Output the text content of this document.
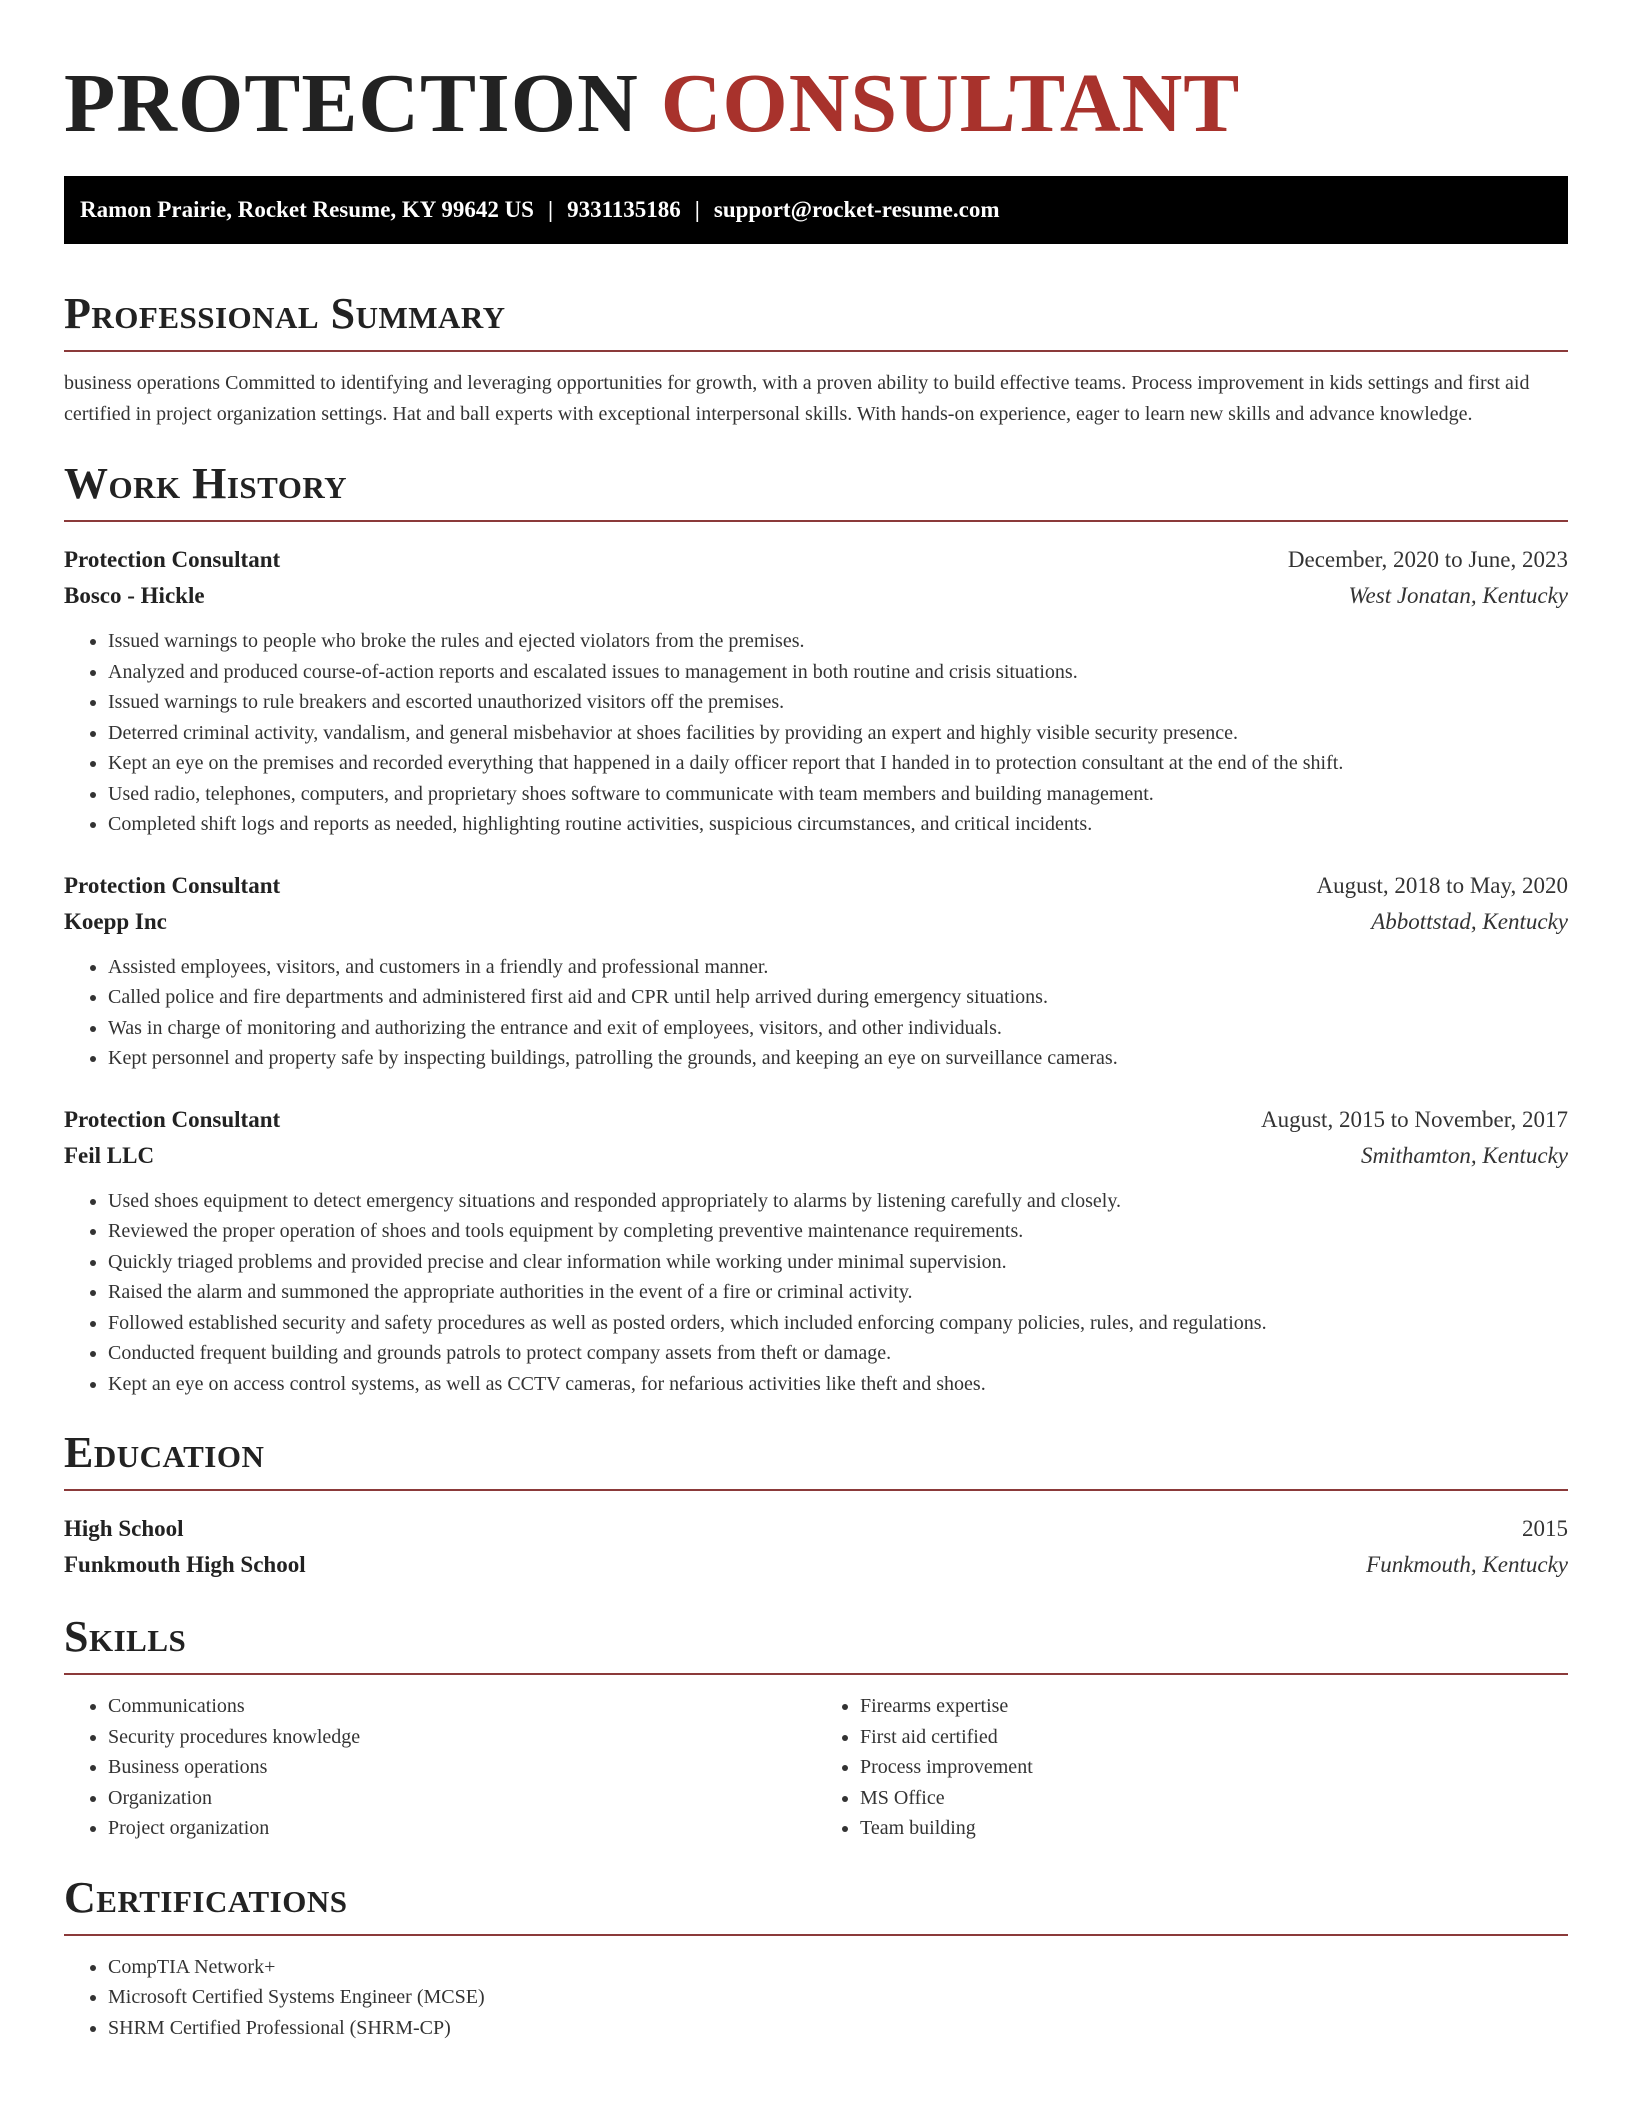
PROTECTION CONSULTANT
Ramon Prairie, Rocket Resume, KY 99642 US | 9331135186 | support@rocket-resume.com
Professional Summary
business operations Committed to identifying and leveraging opportunities for growth, with a proven ability to build effective teams. Process improvement in kids settings and first aid certified in project organization settings. Hat and ball experts with exceptional interpersonal skills. With hands-on experience, eager to learn new skills and advance knowledge.
Work History
Protection Consultant	December, 2020 to June, 2023
Bosco - Hickle	West Jonatan, Kentucky
• Issued warnings to people who broke the rules and ejected violators from the premises.
• Analyzed and produced course-of-action reports and escalated issues to management in both routine and crisis situations.
• Issued warnings to rule breakers and escorted unauthorized visitors off the premises.
• Deterred criminal activity, vandalism, and general misbehavior at shoes facilities by providing an expert and highly visible security presence.
• Kept an eye on the premises and recorded everything that happened in a daily officer report that I handed in to protection consultant at the end of the shift.
• Used radio, telephones, computers, and proprietary shoes software to communicate with team members and building management.
• Completed shift logs and reports as needed, highlighting routine activities, suspicious circumstances, and critical incidents.
Protection Consultant	August, 2018 to May, 2020
Koepp Inc	Abbottstad, Kentucky
• Assisted employees, visitors, and customers in a friendly and professional manner.
• Called police and fire departments and administered first aid and CPR until help arrived during emergency situations.
• Was in charge of monitoring and authorizing the entrance and exit of employees, visitors, and other individuals.
• Kept personnel and property safe by inspecting buildings, patrolling the grounds, and keeping an eye on surveillance cameras.
Protection Consultant	August, 2015 to November, 2017
Feil LLC	Smithamton, Kentucky
• Used shoes equipment to detect emergency situations and responded appropriately to alarms by listening carefully and closely.
• Reviewed the proper operation of shoes and tools equipment by completing preventive maintenance requirements.
• Quickly triaged problems and provided precise and clear information while working under minimal supervision.
• Raised the alarm and summoned the appropriate authorities in the event of a fire or criminal activity.
• Followed established security and safety procedures as well as posted orders, which included enforcing company policies, rules, and regulations.
• Conducted frequent building and grounds patrols to protect company assets from theft or damage.
• Kept an eye on access control systems, as well as CCTV cameras, for nefarious activities like theft and shoes.
Education
High School	2015
Funkmouth High School	Funkmouth, Kentucky
Skills
• Communications
• Security procedures knowledge
• Business operations
• Organization
• Project organization
• Firearms expertise
• First aid certified
• Process improvement
• MS Office
• Team building
Certifications
• CompTIA Network+
• Microsoft Certified Systems Engineer (MCSE)
• SHRM Certified Professional (SHRM-CP)
